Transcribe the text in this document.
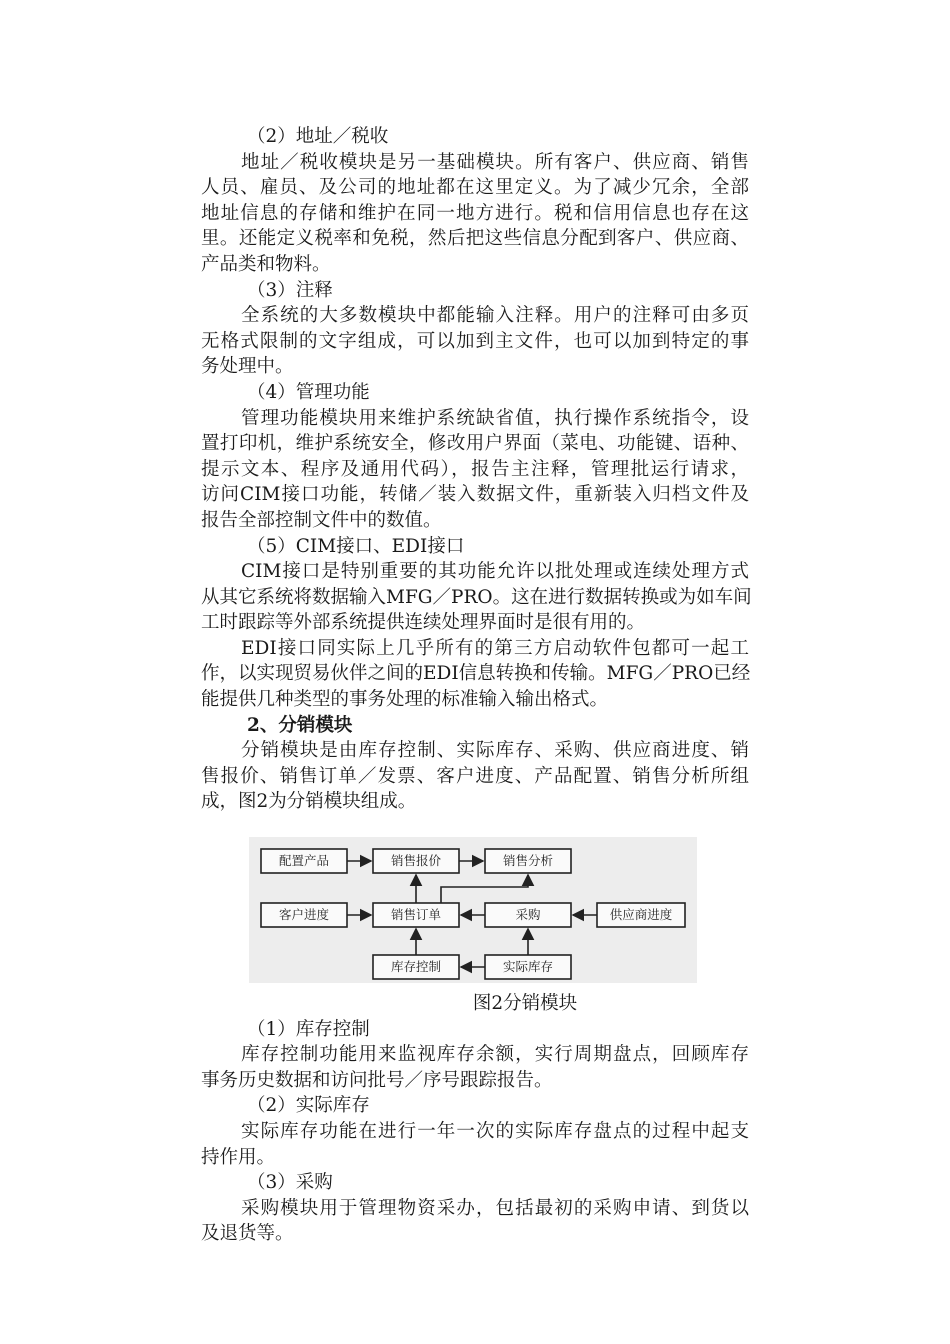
（2）地址／税收
地址／税收模块是另一基础模块。所有客户、供应商、销售
人员、雇员、及公司的地址都在这里定义。为了减少冗余，全部
地址信息的存储和维护在同一地方进行。税和信用信息也存在这
里。还能定义税率和免税，然后把这些信息分配到客户、供应商、
产品类和物料。
（3）注释
全系统的大多数模块中都能输入注释。用户的注释可由多页
无格式限制的文字组成，可以加到主文件，也可以加到特定的事
务处理中。
（4）管理功能
管理功能模块用来维护系统缺省值，执行操作系统指令，设
置打印机，维护系统安全，修改用户界面（菜电、功能键、语种、
提示文本、程序及通用代码），报告主注释，管理批运行请求，
访问CIM接口功能，转储／装入数据文件，重新装入归档文件及
报告全部控制文件中的数值。
（5）CIM接口、EDI接口
CIM接口是特别重要的其功能允许以批处理或连续处理方式
从其它系统将数据输入MFG／PRO。这在进行数据转换或为如车间
工时跟踪等外部系统提供连续处理界面时是很有用的。
EDI接口同实际上几乎所有的第三方启动软件包都可一起工
作，以实现贸易伙伴之间的EDI信息转换和传输。MFG／PRO已经
能提供几种类型的事务处理的标准输入输出格式。
2、分销模块
分销模块是由库存控制、实际库存、采购、供应商进度、销
售报价、销售订单／发票、客户进度、产品配置、销售分析所组
成，图2为分销模块组成。
配置产品	销售报价	销售分析
客户进度	销售订单	采购	供应商进度
库存控制	实际库存
图2分销模块
（1）库存控制
库存控制功能用来监视库存余额，实行周期盘点，回顾库存
事务历史数据和访问批号／序号跟踪报告。
（2）实际库存
实际库存功能在进行一年一次的实际库存盘点的过程中起支
持作用。
（3）采购
采购模块用于管理物资采办，包括最初的采购申请、到货以
及退货等。
